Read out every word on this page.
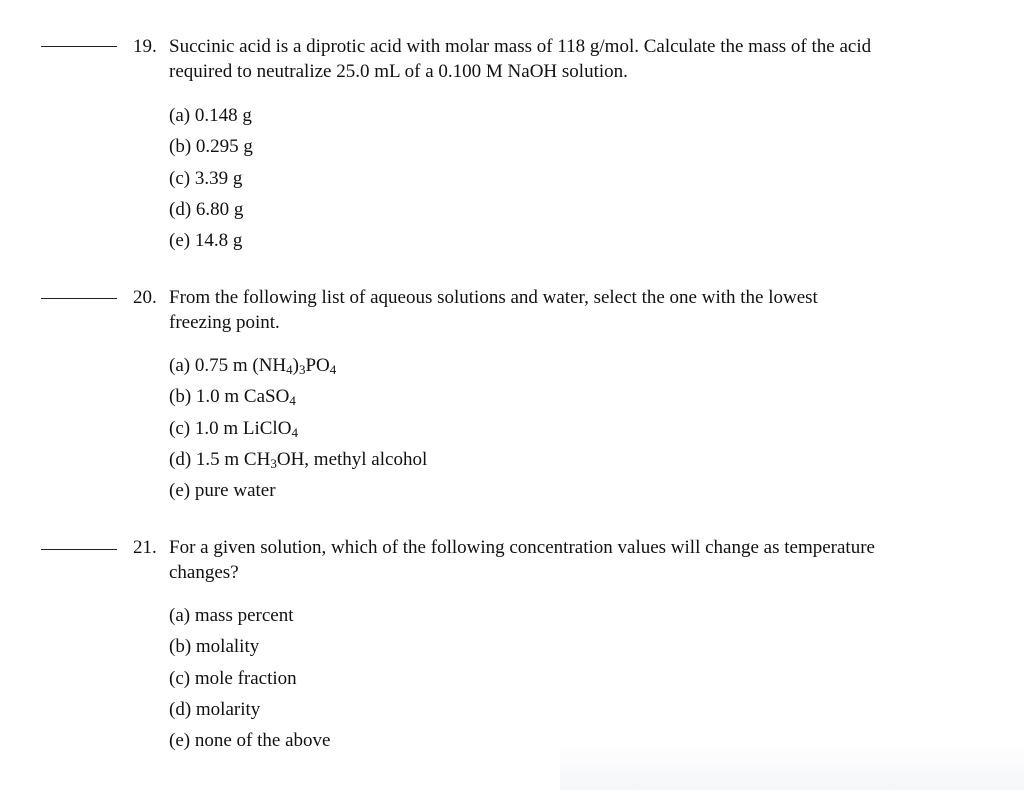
19. Succinic acid is a diprotic acid with molar mass of 118 g/mol. Calculate the mass of the acid
required to neutralize 25.0 mL of a 0.100 M NaOH solution.
(a) 0.148 g
(b) 0.295 g
(c) 3.39 g
(d) 6.80 g
(e) 14.8 g
20. From the following list of aqueous solutions and water, select the one with the lowest
freezing point.
(a) 0.75 m $(NH_4)_3PO_4$
(b) 1.0 m CaSO$_4$
(c) 1.0 m LiClO$_4$
(d) 1.5 m $CH_3OH$, methyl alcohol
(e) pure water
21. For a given solution, which of the following concentration values will change as temperature
changes?
(a) mass percent
(b) molality
(c) mole fraction
(d) molarity
(e) none of the above
